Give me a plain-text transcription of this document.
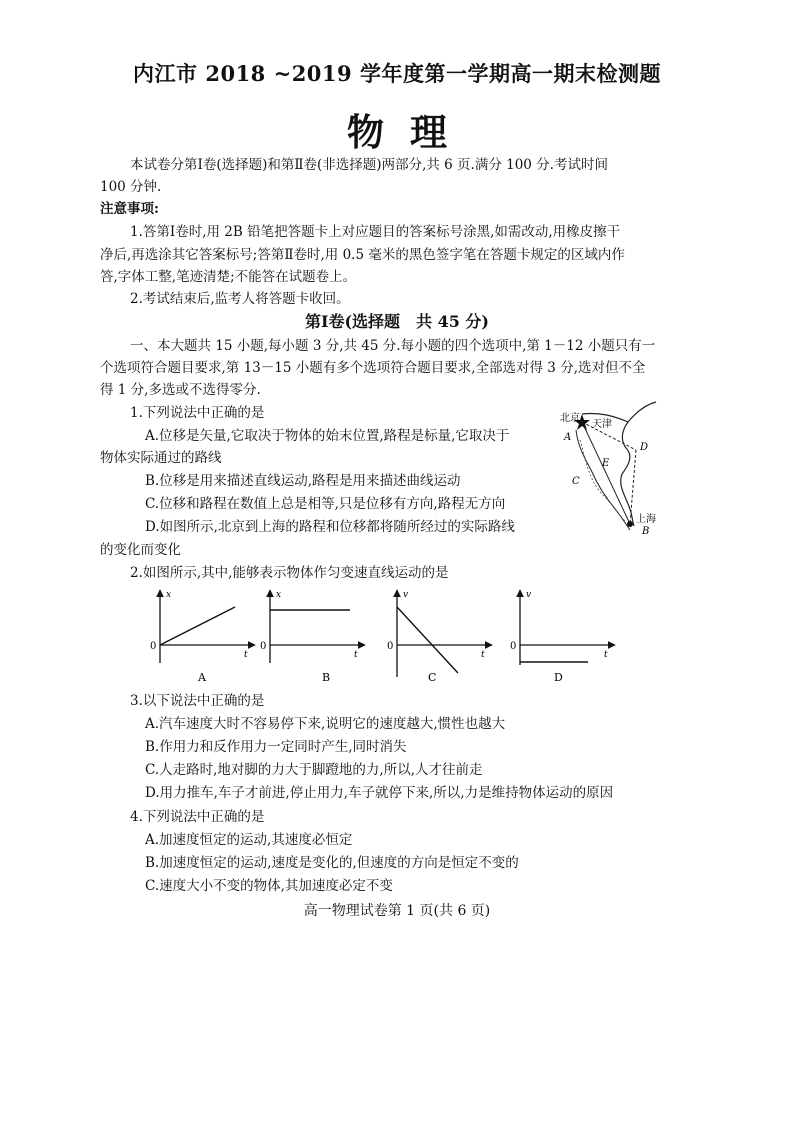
内江市 2018 ~2019 学年度第一学期高一期末检测题
物理
本试卷分第Ⅰ卷(选择题)和第Ⅱ卷(非选择题)两部分,共 6 页.满分 100 分.考试时间
100 分钟.
注意事项:
1.答第Ⅰ卷时,用 2B 铅笔把答题卡上对应题目的答案标号涂黑,如需改动,用橡皮擦干
净后,再选涂其它答案标号;答第Ⅱ卷时,用 0.5 毫米的黑色签字笔在答题卡规定的区域内作
答,字体工整,笔迹清楚;不能答在试题卷上。
2.考试结束后,监考人将答题卡收回。
第Ⅰ卷(选择题　共 45 分)
一、本大题共 15 小题,每小题 3 分,共 45 分.每小题的四个选项中,第 1－12 小题只有一
个选项符合题目要求,第 13－15 小题有多个选项符合题目要求,全部选对得 3 分,选对但不全
得 1 分,多选或不选得零分.
1.下列说法中正确的是
A.位移是矢量,它取决于物体的始末位置,路程是标量,它取决于
物体实际通过的路线
B.位移是用来描述直线运动,路程是用来描述曲线运动
C.位移和路程在数值上总是相等,只是位移有方向,路程无方向
D.如图所示,北京到上海的路程和位移都将随所经过的实际路线
的变化而变化
北京
天津
上海
A
B
C
D
E
2.如图所示,其中,能够表示物体作匀变速直线运动的是
x
t
0
A
x
t
0
B
v
t
0
C
v
t
0
D
3.以下说法中正确的是
A.汽车速度大时不容易停下来,说明它的速度越大,惯性也越大
B.作用力和反作用力一定同时产生,同时消失
C.人走路时,地对脚的力大于脚蹬地的力,所以,人才往前走
D.用力推车,车子才前进,停止用力,车子就停下来,所以,力是维持物体运动的原因
4.下列说法中正确的是
A.加速度恒定的运动,其速度必恒定
B.加速度恒定的运动,速度是变化的,但速度的方向是恒定不变的
C.速度大小不变的物体,其加速度必定不变
高一物理试卷第 1 页(共 6 页)
